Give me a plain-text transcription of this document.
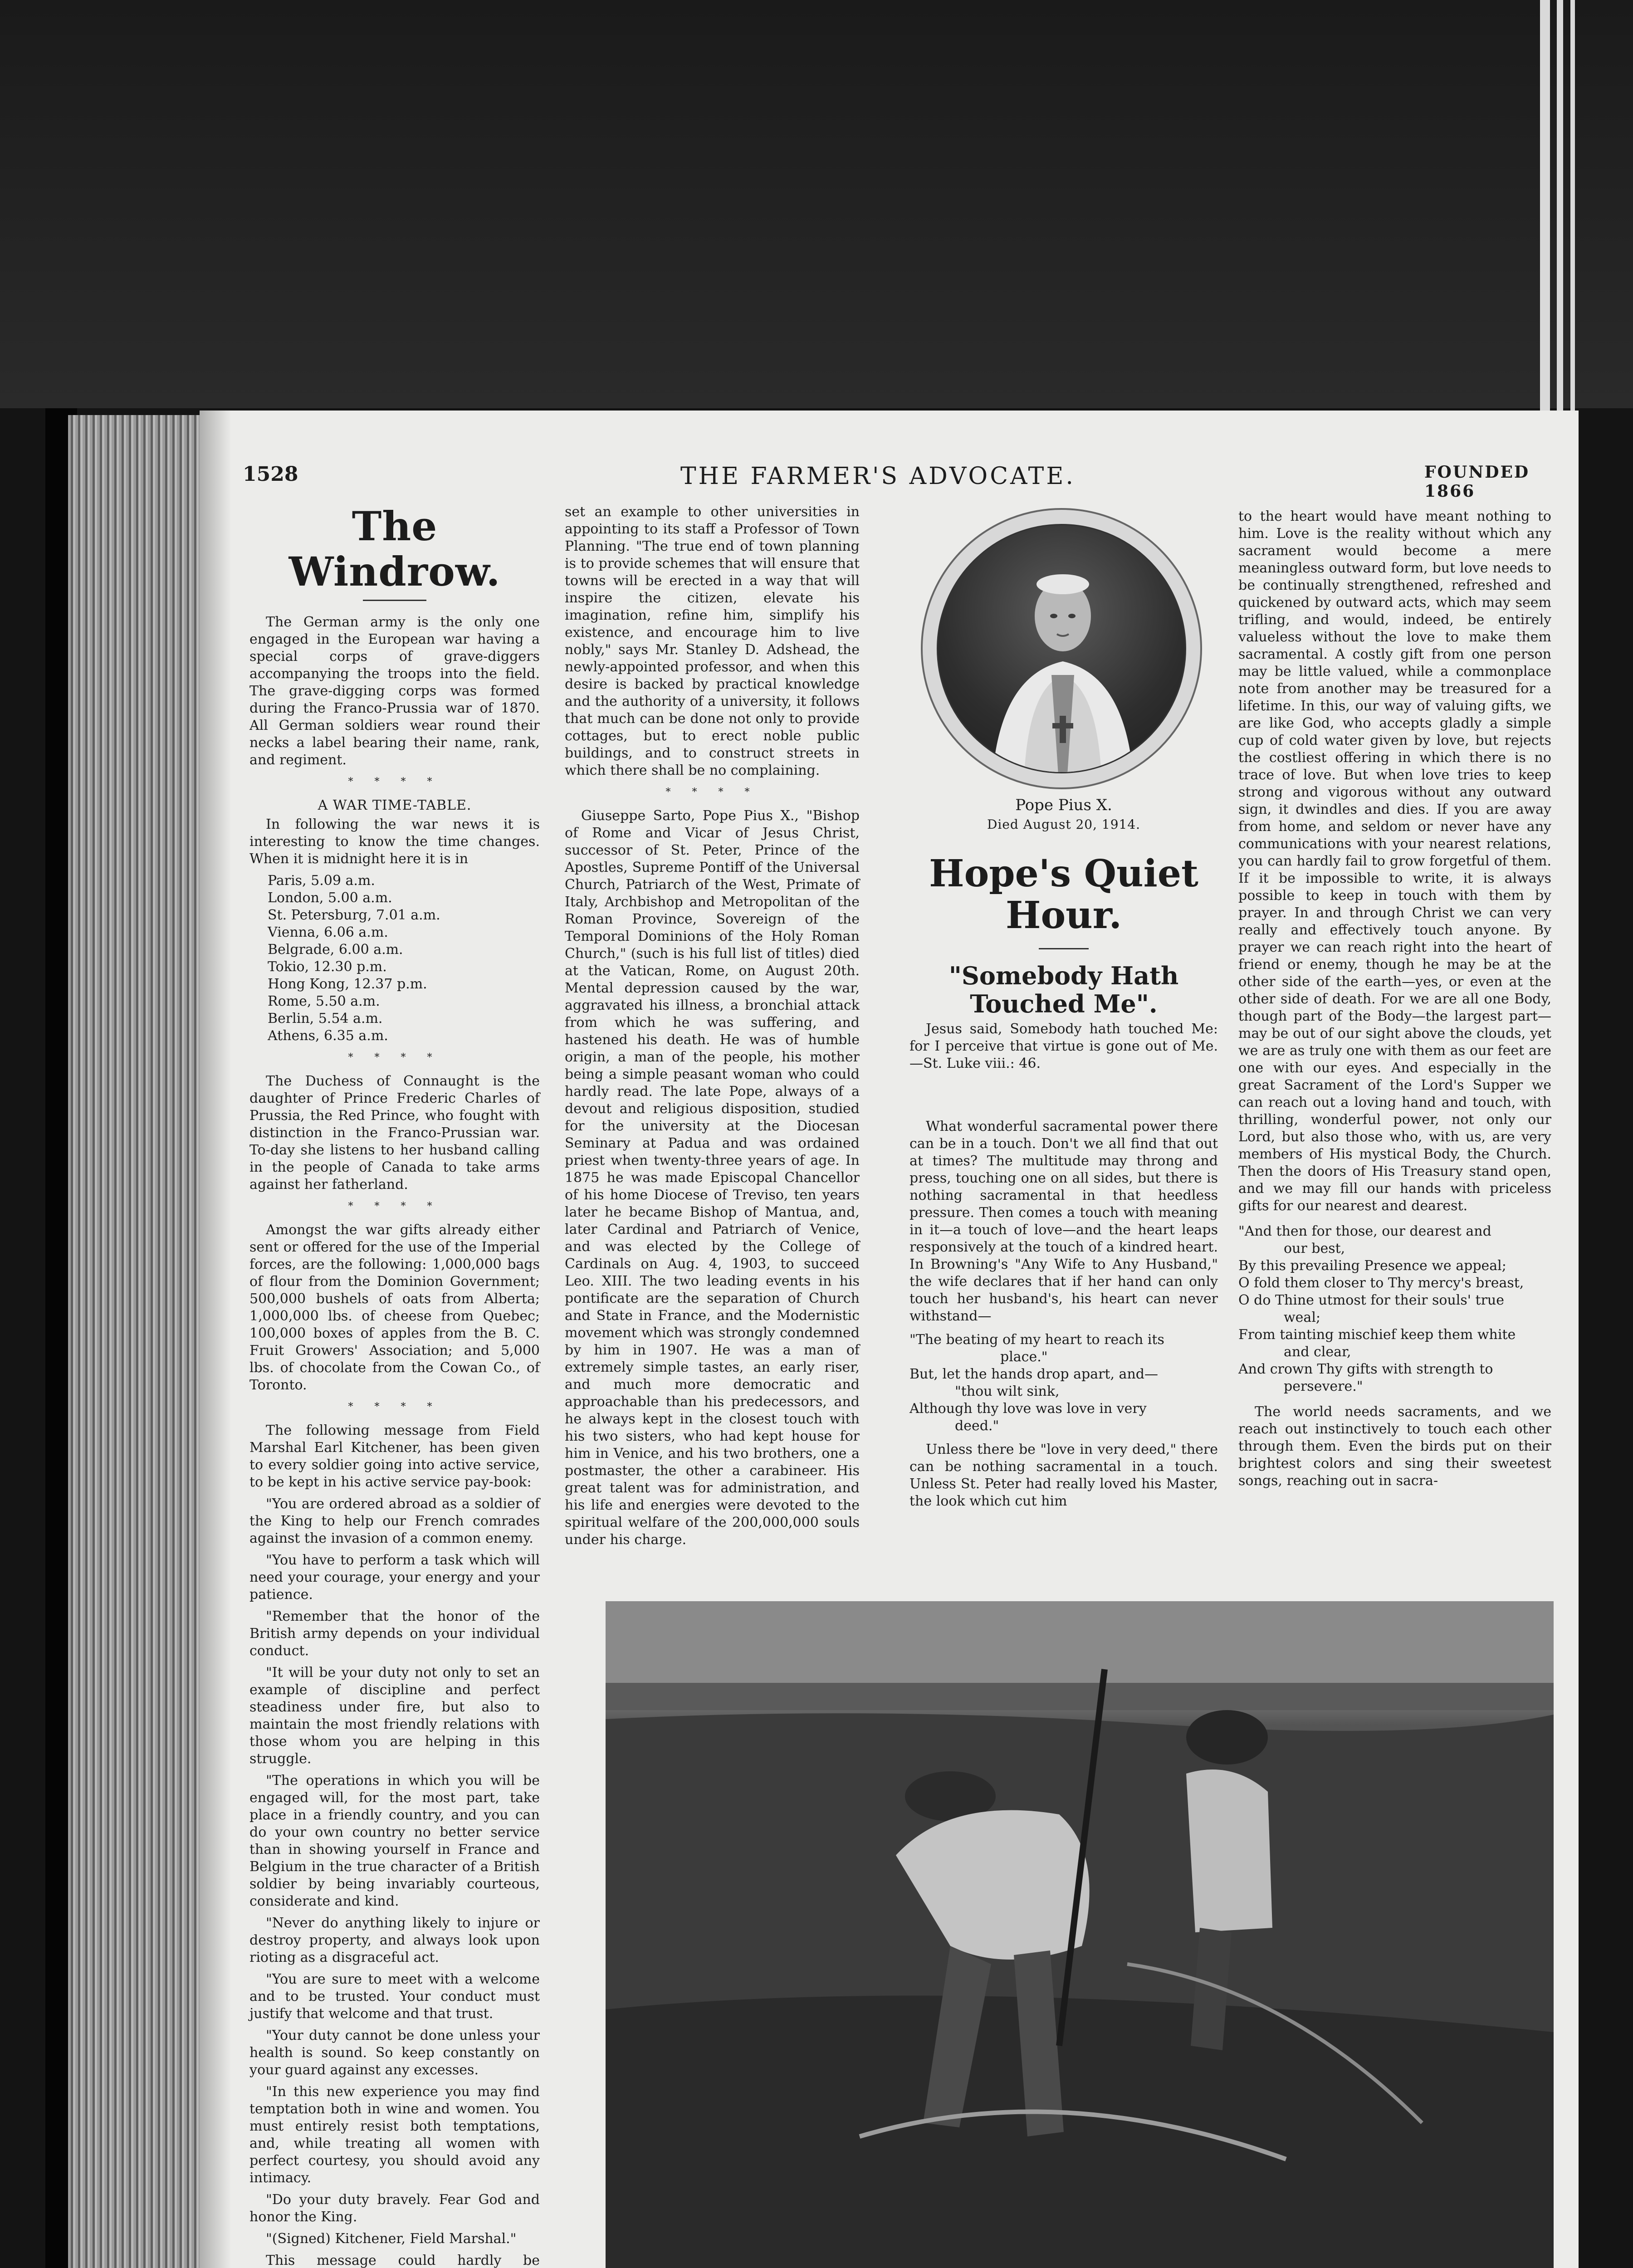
1528	THE FARMER'S ADVOCATE.	FOUNDED 1866
The Windrow.

The German army is the only one engaged in the European war having a special corps of grave-diggers accompanying the troops into the field. The grave-digging corps was formed during the Franco-Prussia war of 1870. All German soldiers wear round their necks a label bearing their name, rank, and regiment.

* * * *
A WAR TIME-TABLE.

In following the war news it is interesting to know the time changes. When it is midnight here it is in

Paris, 5.09 a.m.
London, 5.00 a.m.
St. Petersburg, 7.01 a.m.
Vienna, 6.06 a.m.
Belgrade, 6.00 a.m.
Tokio, 12.30 p.m.
Hong Kong, 12.37 p.m.
Rome, 5.50 a.m.
Berlin, 5.54 a.m.
Athens, 6.35 a.m.
* * * *

The Duchess of Connaught is the daughter of Prince Frederic Charles of Prussia, the Red Prince, who fought with distinction in the Franco-Prussian war. To-day she listens to her husband calling in the people of Canada to take arms against her fatherland.

* * * *

Amongst the war gifts already either sent or offered for the use of the Imperial forces, are the following: 1,000,000 bags of flour from the Dominion Government; 500,000 bushels of oats from Alberta; 1,000,000 lbs. of cheese from Quebec; 100,000 boxes of apples from the B. C. Fruit Growers' Association; and 5,000 lbs. of chocolate from the Cowan Co., of Toronto.

* * * *

The following message from Field Marshal Earl Kitchener, has been given to every soldier going into active service, to be kept in his active service pay-book:

"You are ordered abroad as a soldier of the King to help our French comrades against the invasion of a common enemy.

"You have to perform a task which will need your courage, your energy and your patience.

"Remember that the honor of the British army depends on your individual conduct.

"It will be your duty not only to set an example of discipline and perfect steadiness under fire, but also to maintain the most friendly relations with those whom you are helping in this struggle.

"The operations in which you will be engaged will, for the most part, take place in a friendly country, and you can do your own country no better service than in showing yourself in France and Belgium in the true character of a British soldier by being invariably courteous, considerate and kind.

"Never do anything likely to injure or destroy property, and always look upon rioting as a disgraceful act.

"You are sure to meet with a welcome and to be trusted. Your conduct must justify that welcome and that trust.

"Your duty cannot be done unless your health is sound. So keep constantly on your guard against any excesses.

"In this new experience you may find temptation both in wine and women. You must entirely resist both temptations, and, while treating all women with perfect courtesy, you should avoid any intimacy.

"Do your duty bravely. Fear God and honor the King.

"(Signed) Kitchener, Field Marshal."

This message could hardly be

set an example to other universities in appointing to its staff a Professor of Town Planning. "The true end of town planning is to provide schemes that will ensure that towns will be erected in a way that will inspire the citizen, elevate his imagination, refine him, simplify his existence, and encourage him to live nobly," says Mr. Stanley D. Adshead, the newly-appointed professor, and when this desire is backed by practical knowledge and the authority of a university, it follows that much can be done not only to provide cottages, but to erect noble public buildings, and to construct streets in which there shall be no complaining.

* * * *

Giuseppe Sarto, Pope Pius X., "Bishop of Rome and Vicar of Jesus Christ, successor of St. Peter, Prince of the Apostles, Supreme Pontiff of the Universal Church, Patriarch of the West, Primate of Italy, Archbishop and Metropolitan of the Roman Province, Sovereign of the Temporal Dominions of the Holy Roman Church," (such is his full list of titles) died at the Vatican, Rome, on August 20th. Mental depression caused by the war, aggravated his illness, a bronchial attack from which he was suffering, and hastened his death. He was of humble origin, a man of the people, his mother being a simple peasant woman who could hardly read. The late Pope, always of a devout and religious disposition, studied for the university at the Diocesan Seminary at Padua and was ordained priest when twenty-three years of age. In 1875 he was made Episcopal Chancellor of his home Diocese of Treviso, ten years later he became Bishop of Mantua, and, later Cardinal and Patriarch of Venice, and was elected by the College of Cardinals on Aug. 4, 1903, to succeed Leo. XIII. The two leading events in his pontificate are the separation of Church and State in France, and the Modernistic movement which was strongly condemned by him in 1907. He was a man of extremely simple tastes, an early riser, and much more democratic and approachable than his predecessors, and he always kept in the closest touch with his two sisters, who had kept house for him in Venice, and his two brothers, one a postmaster, the other a carabineer. His great talent was for administration, and his life and energies were devoted to the spiritual welfare of the 200,000,000 souls under his charge.

Pope Pius X.
Died August 20, 1914.
Hope's Quiet Hour.
"Somebody Hath Touched Me".
Jesus said, Somebody hath touched Me: for I perceive that virtue is gone out of Me.—St. Luke viii.: 46.

What wonderful sacramental power there can be in a touch. Don't we all find that out at times? The multitude may throng and press, touching one on all sides, but there is nothing sacramental in that heedless pressure. Then comes a touch with meaning in it—a touch of love—and the heart leaps responsively at the touch of a kindred heart. In Browning's "Any Wife to Any Husband," the wife declares that if her hand can only touch her husband's, his heart can never withstand—

"The beating of my heart to reach its
place."
But, let the hands drop apart, and—
"thou wilt sink,
Although thy love was love in very
deed."

Unless there be "love in very deed," there can be nothing sacramental in a touch. Unless St. Peter had really loved his Master, the look which cut him

to the heart would have meant nothing to him. Love is the reality without which any sacrament would become a mere meaningless outward form, but love needs to be continually strengthened, refreshed and quickened by outward acts, which may seem trifling, and would, indeed, be entirely valueless without the love to make them sacramental. A costly gift from one person may be little valued, while a commonplace note from another may be treasured for a lifetime. In this, our way of valuing gifts, we are like God, who accepts gladly a simple cup of cold water given by love, but rejects the costliest offering in which there is no trace of love. But when love tries to keep strong and vigorous without any outward sign, it dwindles and dies. If you are away from home, and seldom or never have any communications with your nearest relations, you can hardly fail to grow forgetful of them. If it be impossible to write, it is always possible to keep in touch with them by prayer. In and through Christ we can very really and effectively touch anyone. By prayer we can reach right into the heart of friend or enemy, though he may be at the other side of the earth—yes, or even at the other side of death. For we are all one Body, though part of the Body—the largest part—may be out of our sight above the clouds, yet we are as truly one with them as our feet are one with our eyes. And especially in the great Sacrament of the Lord's Supper we can reach out a loving hand and touch, with thrilling, wonderful power, not only our Lord, but also those who, with us, are very members of His mystical Body, the Church. Then the doors of His Treasury stand open, and we may fill our hands with priceless gifts for our nearest and dearest.

"And then for those, our dearest and
our best,
By this prevailing Presence we appeal;
O fold them closer to Thy mercy's breast,
O do Thine utmost for their souls' true
weal;
From tainting mischief keep them white
and clear,
And crown Thy gifts with strength to
persevere."

The world needs sacraments, and we reach out instinctively to touch each other through them. Even the birds put on their brightest colors and sing their sweetest songs, reaching out in sacra-
